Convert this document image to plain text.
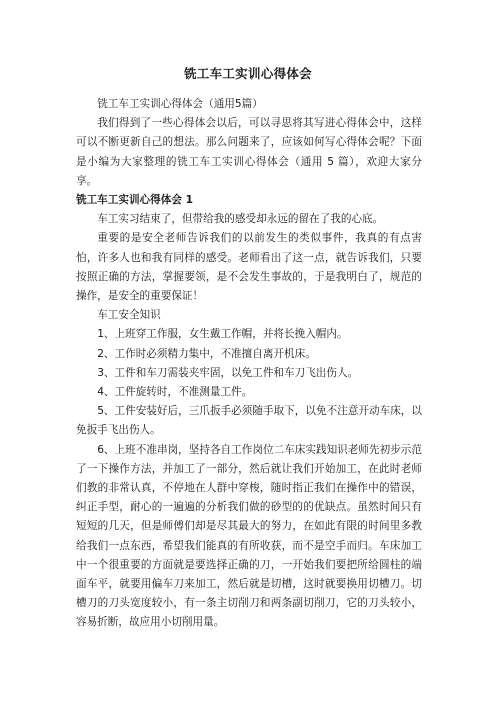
铣工车工实训心得体会

铣工车工实训心得体会（通用5篇）

我们得到了一些心得体会以后，可以寻思将其写进心得体会中，这样可以不断更新自己的想法。那么问题来了，应该如何写心得体会呢？下面是小编为大家整理的铣工车工实训心得体会（通用 5 篇），欢迎大家分享。

铣工车工实训心得体会 1

车工实习结束了，但带给我的感受却永远的留在了我的心底。

重要的是安全老师告诉我们的以前发生的类似事件，我真的有点害怕，许多人也和我有同样的感受。老师看出了这一点，就告诉我们，只要按照正确的方法，掌握要领，是不会发生事故的，于是我明白了，规范的操作，是安全的重要保证！

车工安全知识

1、上班穿工作服，女生戴工作帽，并将长挽入帽内。

2、工作时必须精力集中，不准擅自离开机床。

3、工件和车刀需装夹牢固，以免工件和车刀飞出伤人。

4、工件旋转时，不准测量工件。

5、工件安装好后，三爪扳手必须随手取下，以免不注意开动车床，以免扳手飞出伤人。

6、上班不准串岗，坚持各自工作岗位二车床实践知识老师先初步示范了一下操作方法，并加工了一部分，然后就让我们开始加工，在此时老师们教的非常认真，不停地在人群中穿梭，随时指正我们在操作中的错误，纠正手型，耐心的一遍遍的分析我们做的砂型的的优缺点。虽然时间只有短短的几天，但是师傅们却是尽其最大的努力，在如此有限的时间里多教给我们一点东西，希望我们能真的有所收获，而不是空手而归。车床加工中一个很重要的方面就是要选择正确的刀，一开始我们要把所给圆柱的端面车平，就要用偏车刀来加工，然后就是切槽，这时就要换用切槽刀。切槽刀的刀头宽度较小，有一条主切削刀和两条副切削刀，它的刀头较小，容易折断，故应用小切削用量。
